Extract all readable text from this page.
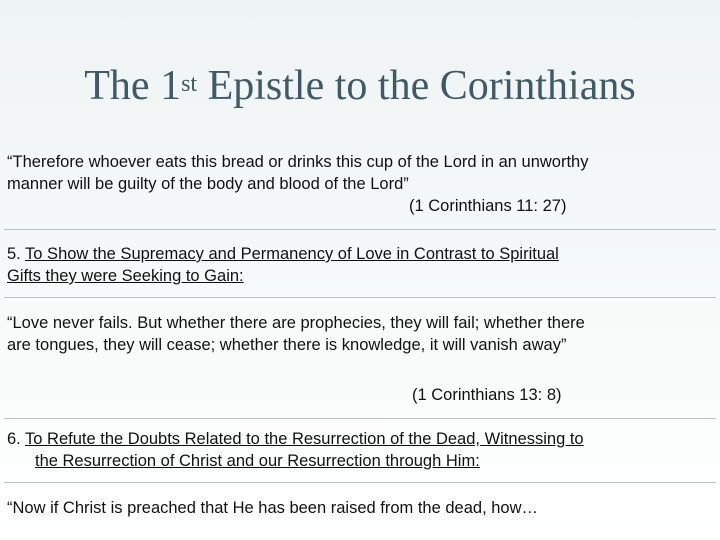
The 1st Epistle to the Corinthians
“Therefore whoever eats this bread or drinks this cup of the Lord in an unworthy
manner will be guilty of the body and blood of the Lord”
(1 Corinthians 11: 27)
5. To Show the Supremacy and Permanency of Love in Contrast to Spiritual
Gifts they were Seeking to Gain:
“Love never fails. But whether there are prophecies, they will fail; whether there
are tongues, they will cease; whether there is knowledge, it will vanish away”
(1 Corinthians 13: 8)
6. To Refute the Doubts Related to the Resurrection of the Dead, Witnessing to
the Resurrection of Christ and our Resurrection through Him:
“Now if Christ is preached that He has been raised from the dead, how…
